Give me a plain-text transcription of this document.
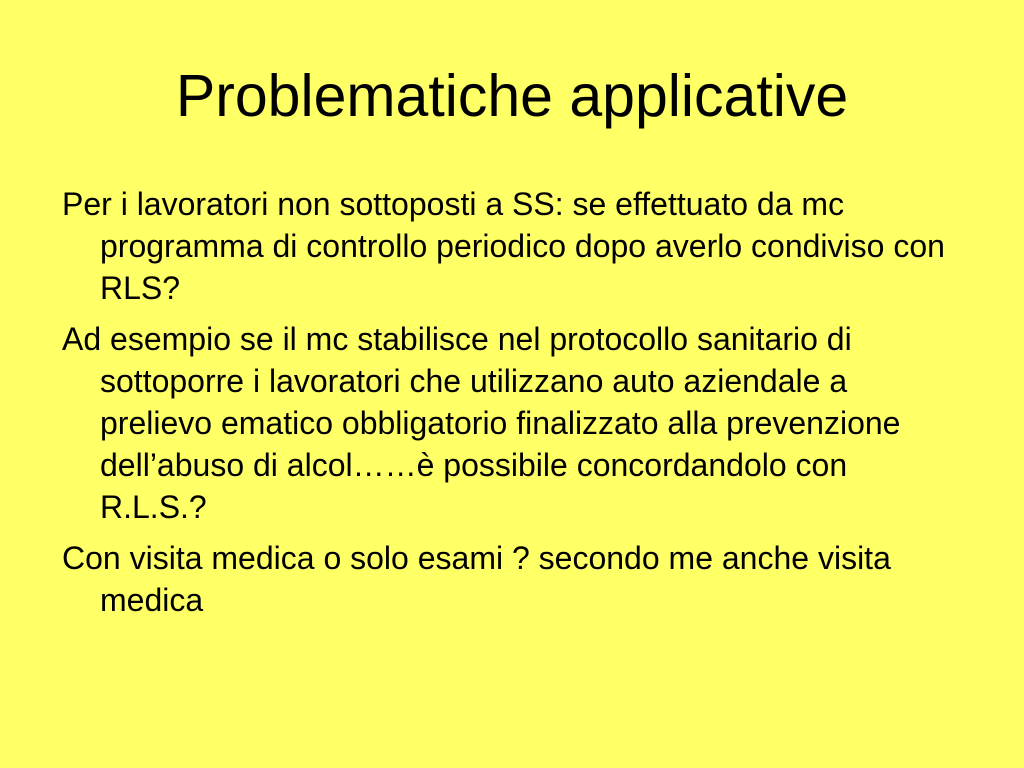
Problematiche applicative

Per i lavoratori non sottoposti a SS: se effettuato da mc programma di controllo periodico dopo averlo condiviso con RLS?

Ad esempio se il mc stabilisce nel protocollo sanitario di sottoporre i lavoratori che utilizzano auto aziendale a prelievo ematico obbligatorio finalizzato alla prevenzione dell’abuso di alcol……è possibile concordandolo con R.L.S.?

Con visita medica o solo esami ? secondo me anche visita medica
